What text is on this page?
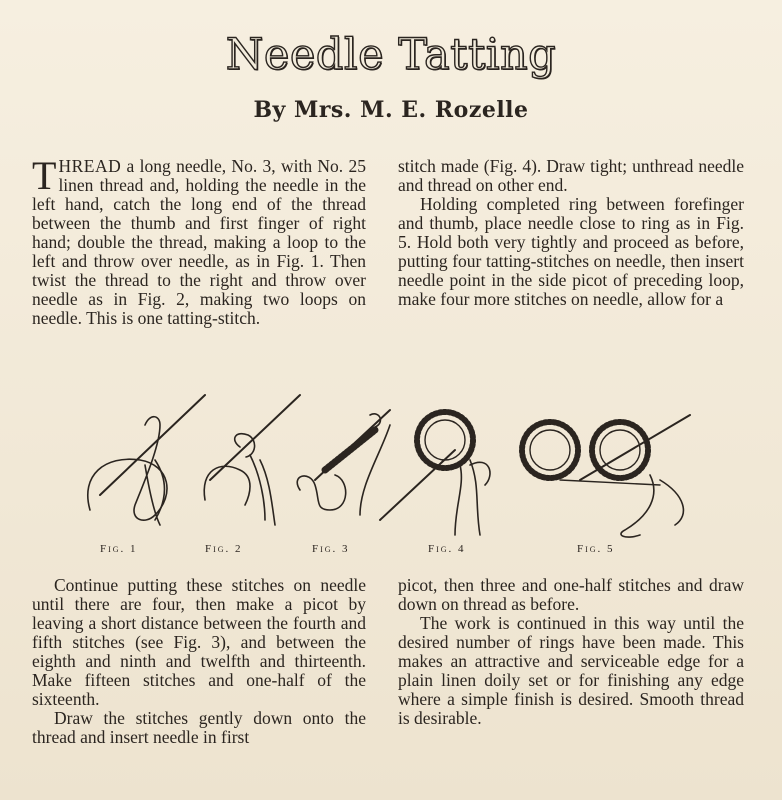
Needle Tatting
By Mrs. M. E. Rozelle

THREAD a long needle, No. 3, with No. 25 linen thread and, holding the needle in the left hand, catch the long end of the thread between the thumb and first finger of right hand; double the thread, making a loop to the left and throw over needle, as in Fig. 1. Then twist the thread to the right and throw over needle as in Fig. 2, making two loops on needle. This is one tatting-stitch.

stitch made (Fig. 4). Draw tight; unthread needle and thread on other end.

Holding completed ring between forefinger and thumb, place needle close to ring as in Fig. 5. Hold both very tightly and proceed as before, putting four tatting-stitches on needle, then insert needle point in the side picot of preceding loop, make four more stitches on needle, allow for a

Fig. 1	Fig. 2	Fig. 3	Fig. 4	Fig. 5

Continue putting these stitches on needle until there are four, then make a picot by leaving a short distance between the fourth and fifth stitches (see Fig. 3), and between the eighth and ninth and twelfth and thirteenth. Make fifteen stitches and one-half of the sixteenth.

Draw the stitches gently down onto the thread and insert needle in first

picot, then three and one-half stitches and draw down on thread as before.

The work is continued in this way until the desired number of rings have been made. This makes an attractive and serviceable edge for a plain linen doily set or for finishing any edge where a simple finish is desired. Smooth thread is desirable.
